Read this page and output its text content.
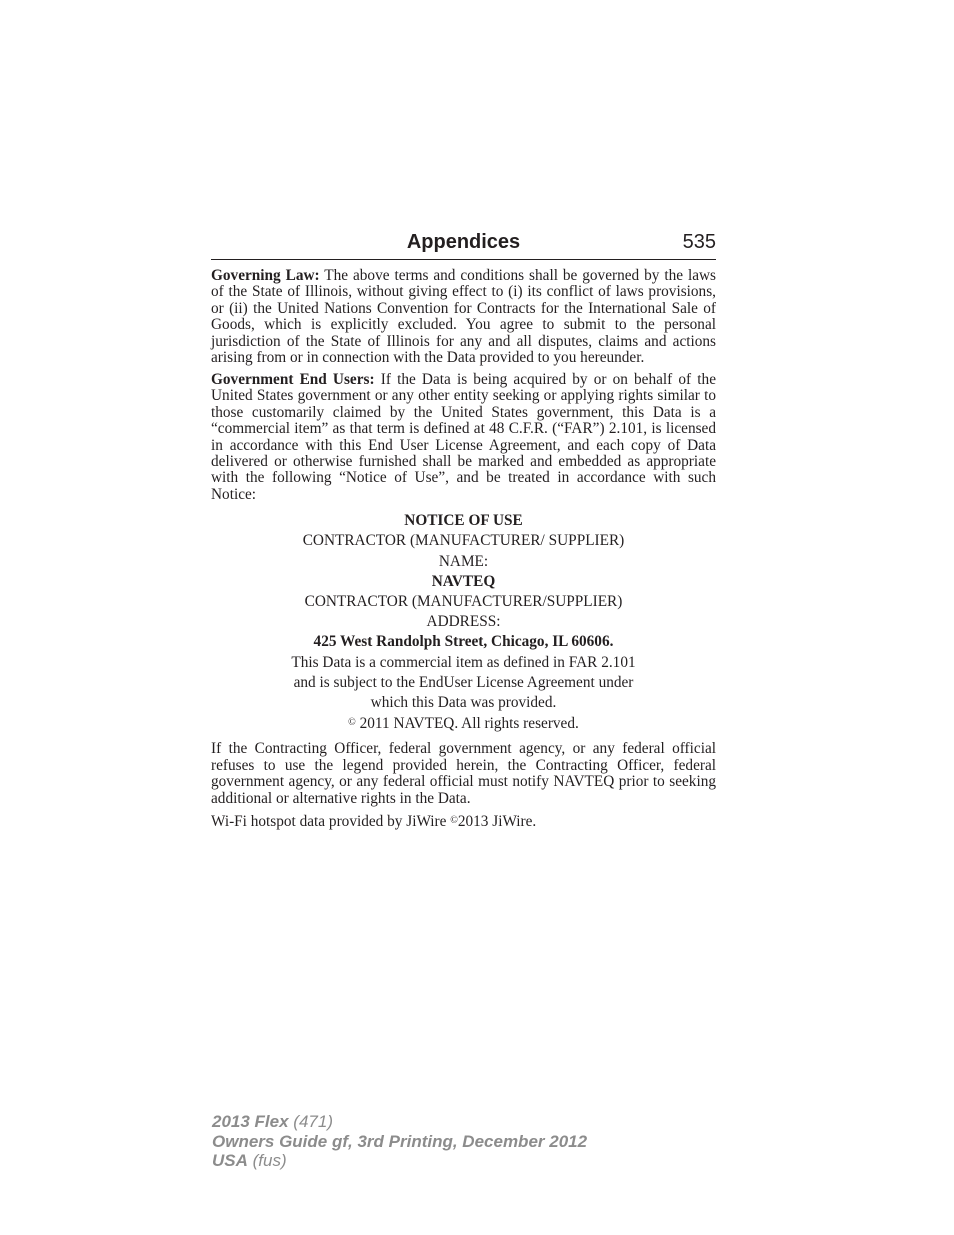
Appendices	535

Governing Law: The above terms and conditions shall be governed by the laws of the State of Illinois, without giving effect to (i) its conflict of laws provisions, or (ii) the United Nations Convention for Contracts for the International Sale of Goods, which is explicitly excluded. You agree to submit to the personal jurisdiction of the State of Illinois for any and all disputes, claims and actions arising from or in connection with the Data provided to you hereunder.

Government End Users: If the Data is being acquired by or on behalf of the United States government or any other entity seeking or applying rights similar to those customarily claimed by the United States government, this Data is a “commercial item” as that term is defined at 48 C.F.R. (“FAR”) 2.101, is licensed in accordance with this End User License Agreement, and each copy of Data delivered or otherwise furnished shall be marked and embedded as appropriate with the following “Notice of Use”, and be treated in accordance with such Notice:

NOTICE OF USE
CONTRACTOR (MANUFACTURER/ SUPPLIER)
NAME:
NAVTEQ
CONTRACTOR (MANUFACTURER/SUPPLIER)
ADDRESS:
425 West Randolph Street, Chicago, IL 60606.
This Data is a commercial item as defined in FAR 2.101
and is subject to the EndUser License Agreement under
which this Data was provided.
© 2011 NAVTEQ. All rights reserved.

If the Contracting Officer, federal government agency, or any federal official refuses to use the legend provided herein, the Contracting Officer, federal government agency, or any federal official must notify NAVTEQ prior to seeking additional or alternative rights in the Data.

Wi-Fi hotspot data provided by JiWire ©2013 JiWire.

2013 Flex (471)
Owners Guide gf, 3rd Printing, December 2012
USA (fus)
